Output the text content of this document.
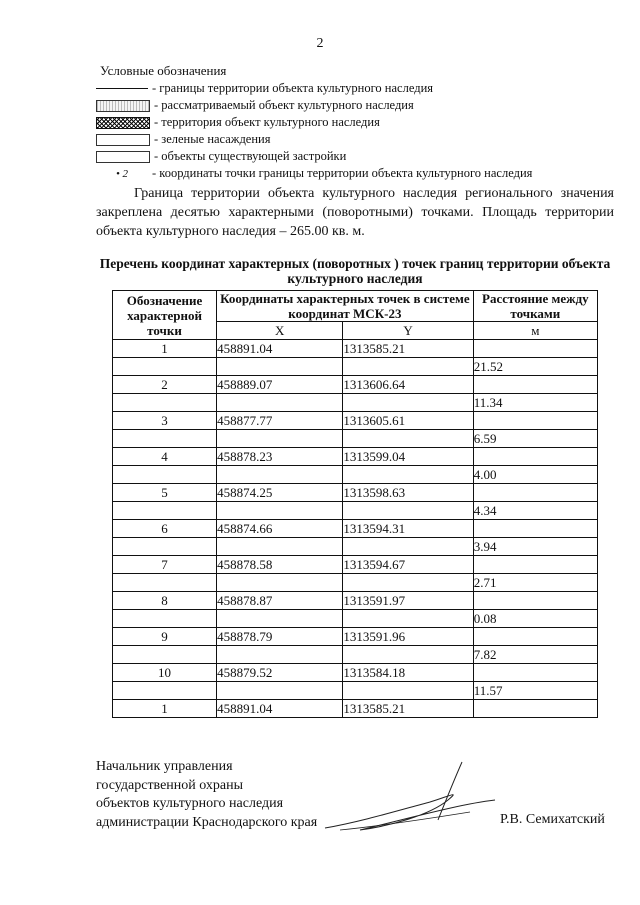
2
Условные обозначения
- границы территории объекта культурного наследия
- рассматриваемый объект культурного наследия
- территория объект культурного наследия
- зеленые насаждения
- объекты существующей застройки
• 2	- координаты точки границы территории объекта культурного наследия
Граница территории объекта культурного наследия регионального значения закреплена десятью характерными (поворотными) точками. Площадь территории объекта культурного наследия – 265.00 кв. м.
Перечень координат характерных (поворотных ) точек границ территории объекта культурного наследия
Обозначение характерной точки	Координаты характерных точек в системе координат МСК-23		Расстояние между точками
	X	Y	м
1	458891.04	1313585.21	
			21.52
2	458889.07	1313606.64	
			11.34
3	458877.77	1313605.61	
			6.59
4	458878.23	1313599.04	
			4.00
5	458874.25	1313598.63	
			4.34
6	458874.66	1313594.31	
			3.94
7	458878.58	1313594.67	
			2.71
8	458878.87	1313591.97	
			0.08
9	458878.79	1313591.96	
			7.82
10	458879.52	1313584.18	
			11.57
1	458891.04	1313585.21	
Начальник управления
государственной охраны
объектов культурного наследия
администрации Краснодарского края	Р.В. Семихатский
